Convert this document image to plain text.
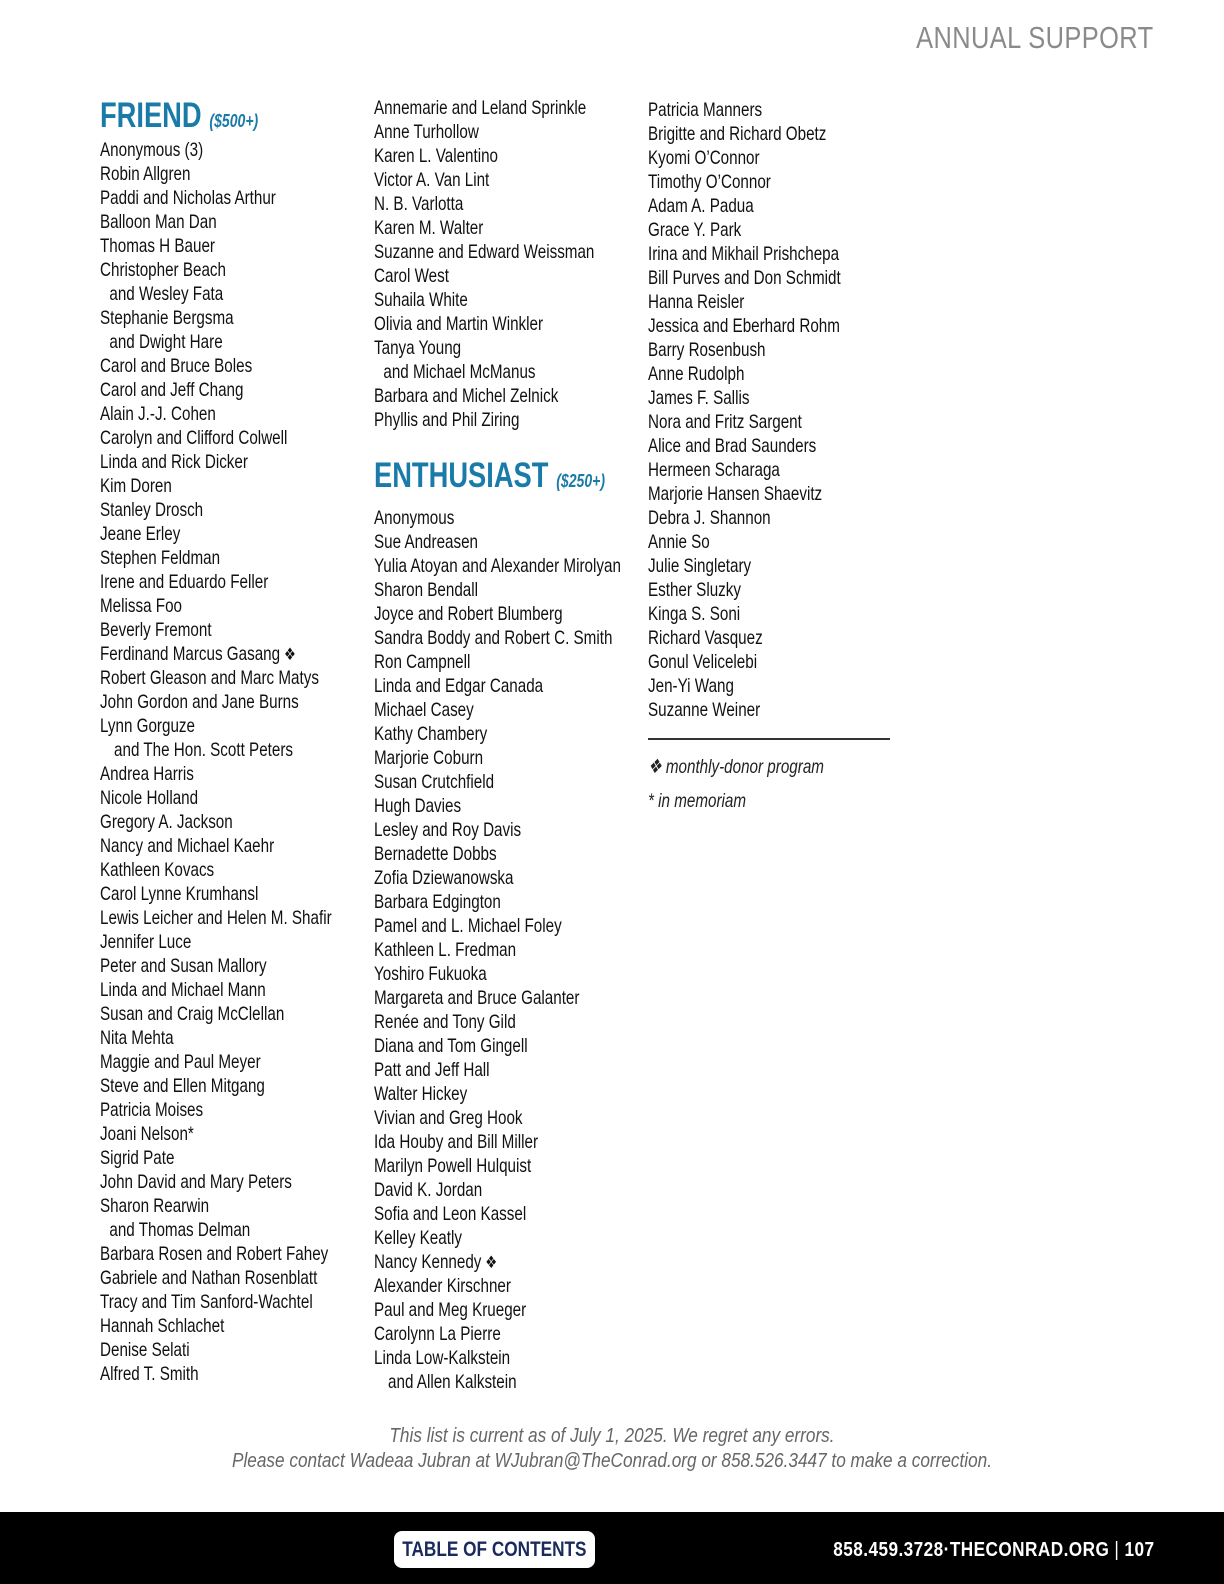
ANNUAL SUPPORT
FRIEND ($500+)
Anonymous (3)
Robin Allgren
Paddi and Nicholas Arthur
Balloon Man Dan
Thomas H Bauer
Christopher Beach
and Wesley Fata
Stephanie Bergsma
and Dwight Hare
Carol and Bruce Boles
Carol and Jeff Chang
Alain J.-J. Cohen
Carolyn and Clifford Colwell
Linda and Rick Dicker
Kim Doren
Stanley Drosch
Jeane Erley
Stephen Feldman
Irene and Eduardo Feller
Melissa Foo
Beverly Fremont
Ferdinand Marcus Gasang ❖
Robert Gleason and Marc Matys
John Gordon and Jane Burns
Lynn Gorguze
and The Hon. Scott Peters
Andrea Harris
Nicole Holland
Gregory A. Jackson
Nancy and Michael Kaehr
Kathleen Kovacs
Carol Lynne Krumhansl
Lewis Leicher and Helen M. Shafir
Jennifer Luce
Peter and Susan Mallory
Linda and Michael Mann
Susan and Craig McClellan
Nita Mehta
Maggie and Paul Meyer
Steve and Ellen Mitgang
Patricia Moises
Joani Nelson*
Sigrid Pate
John David and Mary Peters
Sharon Rearwin
and Thomas Delman
Barbara Rosen and Robert Fahey
Gabriele and Nathan Rosenblatt
Tracy and Tim Sanford-Wachtel
Hannah Schlachet
Denise Selati
Alfred T. Smith
Annemarie and Leland Sprinkle
Anne Turhollow
Karen L. Valentino
Victor A. Van Lint
N. B. Varlotta
Karen M. Walter
Suzanne and Edward Weissman
Carol West
Suhaila White
Olivia and Martin Winkler
Tanya Young
and Michael McManus
Barbara and Michel Zelnick
Phyllis and Phil Ziring
ENTHUSIAST ($250+)
Anonymous
Sue Andreasen
Yulia Atoyan and Alexander Mirolyan
Sharon Bendall
Joyce and Robert Blumberg
Sandra Boddy and Robert C. Smith
Ron Campnell
Linda and Edgar Canada
Michael Casey
Kathy Chambery
Marjorie Coburn
Susan Crutchfield
Hugh Davies
Lesley and Roy Davis
Bernadette Dobbs
Zofia Dziewanowska
Barbara Edgington
Pamel and L. Michael Foley
Kathleen L. Fredman
Yoshiro Fukuoka
Margareta and Bruce Galanter
Renée and Tony Gild
Diana and Tom Gingell
Patt and Jeff Hall
Walter Hickey
Vivian and Greg Hook
Ida Houby and Bill Miller
Marilyn Powell Hulquist
David K. Jordan
Sofia and Leon Kassel
Kelley Keatly
Nancy Kennedy ❖
Alexander Kirschner
Paul and Meg Krueger
Carolynn La Pierre
Linda Low-Kalkstein
and Allen Kalkstein
Patricia Manners
Brigitte and Richard Obetz
Kyomi O’Connor
Timothy O’Connor
Adam A. Padua
Grace Y. Park
Irina and Mikhail Prishchepa
Bill Purves and Don Schmidt
Hanna Reisler
Jessica and Eberhard Rohm
Barry Rosenbush
Anne Rudolph
James F. Sallis
Nora and Fritz Sargent
Alice and Brad Saunders
Hermeen Scharaga
Marjorie Hansen Shaevitz
Debra J. Shannon
Annie So
Julie Singletary
Esther Sluzky
Kinga S. Soni
Richard Vasquez
Gonul Velicelebi
Jen-Yi Wang
Suzanne Weiner
❖ monthly-donor program
* in memoriam
This list is current as of July 1, 2025. We regret any errors.
Please contact Wadeaa Jubran at WJubran@TheConrad.org or 858.526.3447 to make a correction.
TABLE OF CONTENTS	858.459.3728·THECONRAD.ORG | 107
